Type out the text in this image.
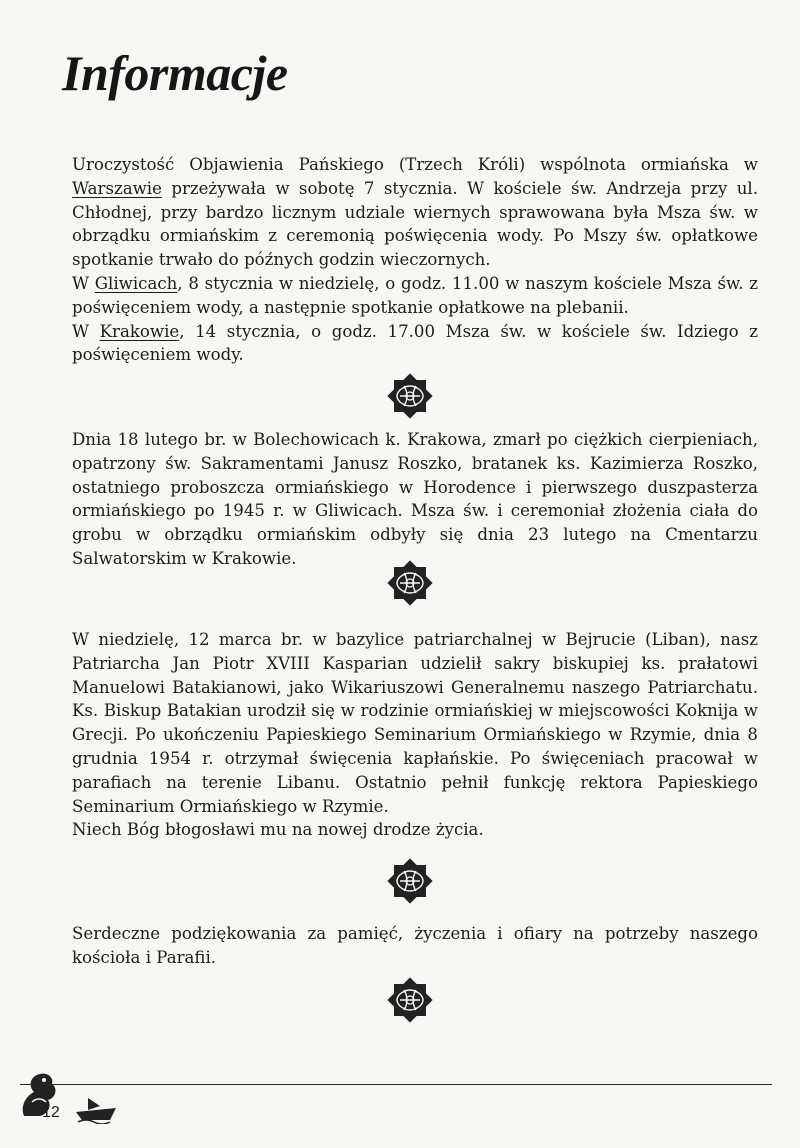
Informacje

Uroczystość Objawienia Pańskiego (Trzech Króli) wspólnota ormiańska w Warszawie przeżywała w sobotę 7 stycznia. W kościele św. Andrzeja przy ul. Chłodnej, przy bardzo licznym udziale wiernych sprawowana była Msza św. w obrządku ormiańskim z ceremonią poświęcenia wody. Po Mszy św. opłatkowe spotkanie trwało do późnych godzin wieczornych.

W Gliwicach, 8 stycznia w niedzielę, o godz. 11.00 w naszym kościele Msza św. z poświęceniem wody, a następnie spotkanie opłatkowe na plebanii.

W Krakowie, 14 stycznia, o godz. 17.00 Msza św. w kościele św. Idziego z poświęceniem wody.

Dnia 18 lutego br. w Bolechowicach k. Krakowa, zmarł po ciężkich cierpieniach, opatrzony św. Sakramentami Janusz Roszko, bratanek ks. Kazimierza Roszko, ostatniego proboszcza ormiańskiego w Horodence i pierwszego duszpasterza ormiańskiego po 1945 r. w Gliwicach. Msza św. i ceremoniał złożenia ciała do grobu w obrządku ormiańskim odbyły się dnia 23 lutego na Cmentarzu Salwatorskim w Krakowie.

W niedzielę, 12 marca br. w bazylice patriarchalnej w Bejrucie (Liban), nasz Patriarcha Jan Piotr XVIII Kasparian udzielił sakry biskupiej ks. prałatowi Manuelowi Batakianowi, jako Wikariuszowi Generalnemu naszego Patriarchatu. Ks. Biskup Batakian urodził się w rodzinie ormiańskiej w miejscowości Koknija w Grecji. Po ukończeniu Papieskiego Seminarium Ormiańskiego w Rzymie, dnia 8 grudnia 1954 r. otrzymał święcenia kapłańskie. Po święceniach pracował w parafiach na terenie Libanu. Ostatnio pełnił funkcję rektora Papieskiego Seminarium Ormiańskiego w Rzymie.

Niech Bóg błogosławi mu na nowej drodze życia.

Serdeczne podziękowania za pamięć, życzenia i ofiary na potrzeby naszego kościoła i Parafii.

12
